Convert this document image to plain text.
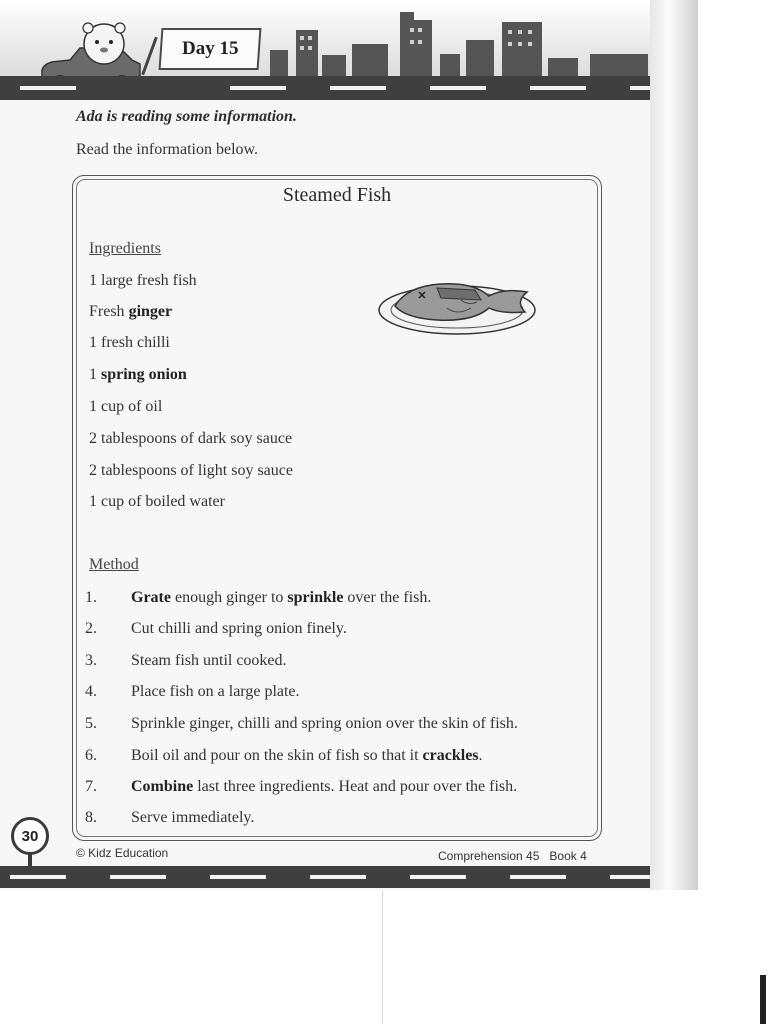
Day 15
Ada is reading some information.
Read the information below.
Steamed Fish
Ingredients
1 large fresh fish
Fresh ginger
1 fresh chilli
1 spring onion
1 cup of oil
2 tablespoons of dark soy sauce
2 tablespoons of light soy sauce
1 cup of boiled water
Method
1. Grate enough ginger to sprinkle over the fish.
2. Cut chilli and spring onion finely.
3. Steam fish until cooked.
4. Place fish on a large plate.
5. Sprinkle ginger, chilli and spring onion over the skin of fish.
6. Boil oil and pour on the skin of fish so that it crackles.
7. Combine last three ingredients. Heat and pour over the fish.
8. Serve immediately.
30
© Kidz Education	Comprehension 45 Book 4
